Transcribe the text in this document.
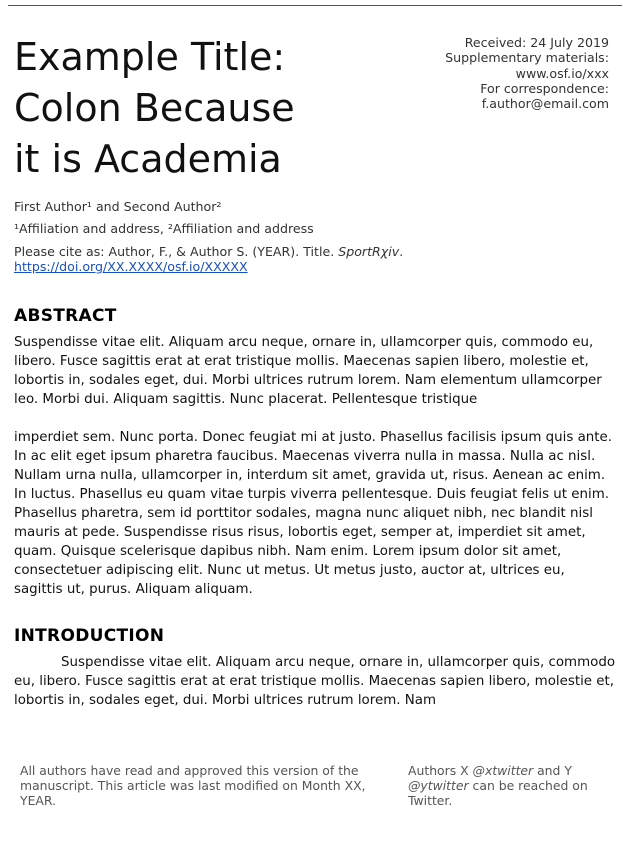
Example Title:
Colon Because
it is Academia
Received: 24 July 2019
Supplementary materials:
www.osf.io/xxx
For correspondence:
f.author@email.com
First Author¹ and Second Author²
¹Affiliation and address, ²Affiliation and address
Please cite as: Author, F., & Author S. (YEAR). Title. SportRχiv. https://doi.org/XX.XXXX/osf.io/XXXXX
ABSTRACT

Suspendisse vitae elit. Aliquam arcu neque, ornare in, ullamcorper quis, commodo eu, libero. Fusce sagittis erat at erat tristique mollis. Maecenas sapien libero, molestie et, lobortis in, sodales eget, dui. Morbi ultrices rutrum lorem. Nam elementum ullamcorper leo. Morbi dui. Aliquam sagittis. Nunc placerat. Pellentesque tristique

imperdiet sem. Nunc porta. Donec feugiat mi at justo. Phasellus facilisis ipsum quis ante. In ac elit eget ipsum pharetra faucibus. Maecenas viverra nulla in massa. Nulla ac nisl. Nullam urna nulla, ullamcorper in, interdum sit amet, gravida ut, risus. Aenean ac enim. In luctus. Phasellus eu quam vitae turpis viverra pellentesque. Duis feugiat felis ut enim. Phasellus pharetra, sem id porttitor sodales, magna nunc aliquet nibh, nec blandit nisl mauris at pede. Suspendisse risus risus, lobortis eget, semper at, imperdiet sit amet, quam. Quisque scelerisque dapibus nibh. Nam enim. Lorem ipsum dolor sit amet, consectetuer adipiscing elit. Nunc ut metus. Ut metus justo, auctor at, ultrices eu, sagittis ut, purus. Aliquam aliquam.

INTRODUCTION

Suspendisse vitae elit. Aliquam arcu neque, ornare in, ullamcorper quis, commodo eu, libero. Fusce sagittis erat at erat tristique mollis. Maecenas sapien libero, molestie et, lobortis in, sodales eget, dui. Morbi ultrices rutrum lorem. Nam

All authors have read and approved this version of the manuscript. This article was last modified on Month XX, YEAR.
Authors X @xtwitter and Y @ytwitter can be reached on Twitter.
